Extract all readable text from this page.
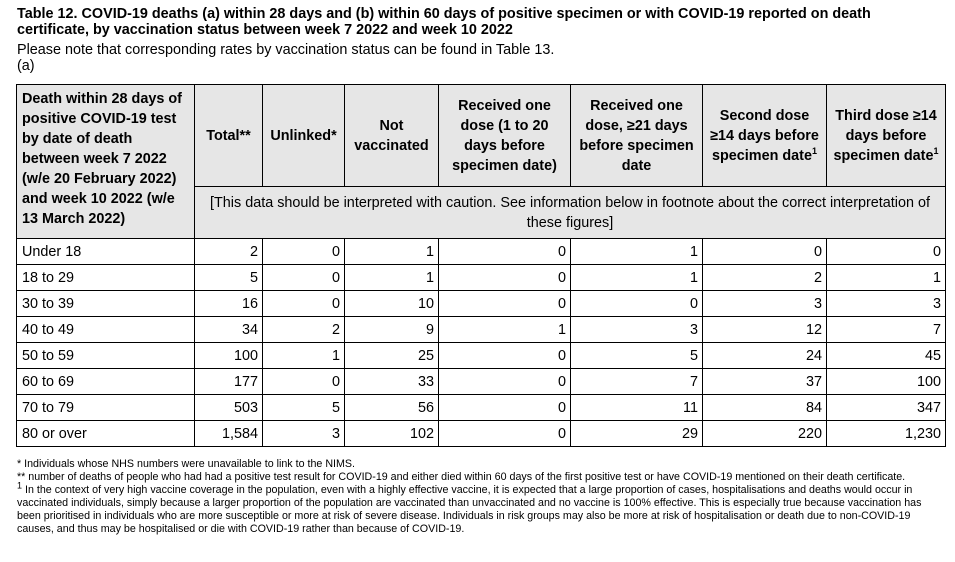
Table 12. COVID-19 deaths (a) within 28 days and (b) within 60 days of positive specimen or with COVID-19 reported on death certificate, by vaccination status between week 7 2022 and week 10 2022
Please note that corresponding rates by vaccination status can be found in Table 13.
(a)
Death within 28 days of positive COVID-19 test by date of death between week 7 2022 (w/e 20 February 2022) and week 10 2022 (w/e 13 March 2022)	Total**	Unlinked*	Not vaccinated	Received one dose (1 to 20 days before specimen date)	Received one dose, ≥21 days before specimen date	Second dose ≥14 days before specimen date$^1$	Third dose ≥14 days before specimen date$^1$
	[This data should be interpreted with caution. See information below in footnote about the correct interpretation of these figures]						
Under 18	2	0	1	0	1	0	0
18 to 29	5	0	1	0	1	2	1
30 to 39	16	0	10	0	0	3	3
40 to 49	34	2	9	1	3	12	7
50 to 59	100	1	25	0	5	24	45
60 to 69	177	0	33	0	7	37	100
70 to 79	503	5	56	0	11	84	347
80 or over	1,584	3	102	0	29	220	1,230

* Individuals whose NHS numbers were unavailable to link to the NIMS.

** number of deaths of people who had had a positive test result for COVID-19 and either died within 60 days of the first positive test or have COVID-19 mentioned on their death certificate.

$^1$ In the context of very high vaccine coverage in the population, even with a highly effective vaccine, it is expected that a large proportion of cases, hospitalisations and deaths would occur in vaccinated individuals, simply because a larger proportion of the population are vaccinated than unvaccinated and no vaccine is 100% effective. This is especially true because vaccination has been prioritised in individuals who are more susceptible or more at risk of severe disease. Individuals in risk groups may also be more at risk of hospitalisation or death due to non-COVID-19 causes, and thus may be hospitalised or die with COVID-19 rather than because of COVID-19.
